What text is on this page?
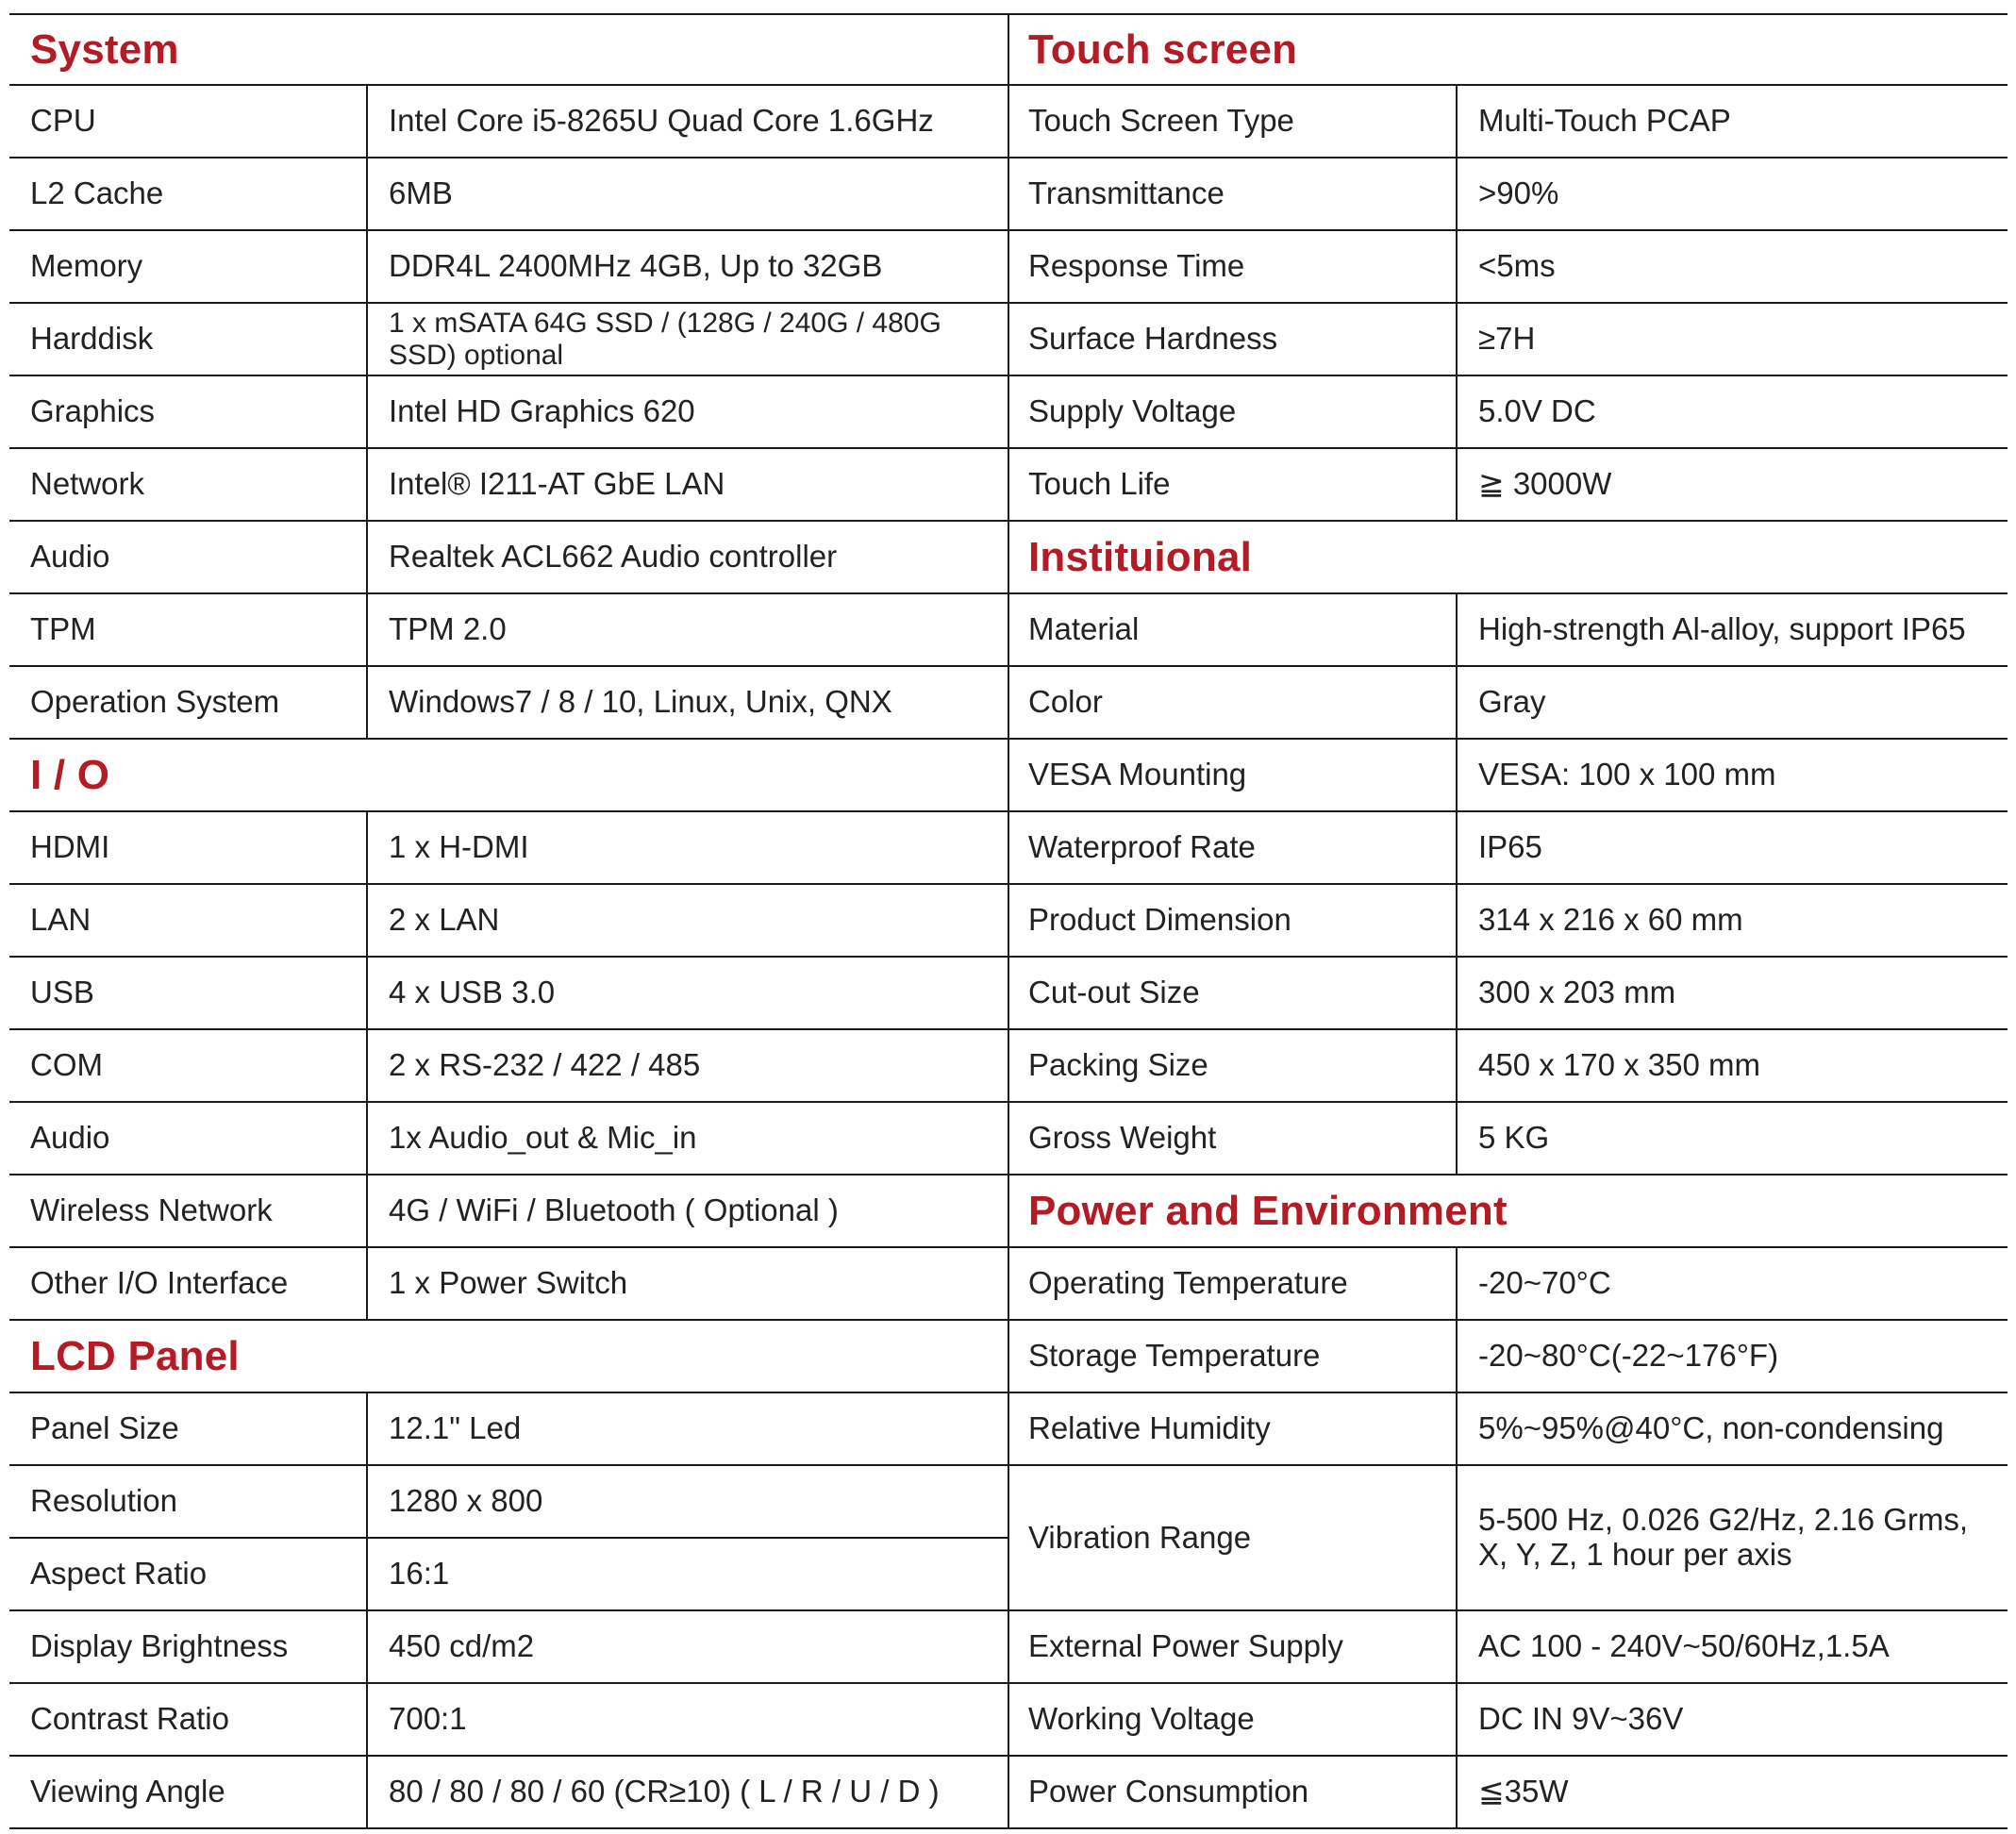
System
CPU	Intel Core i5-8265U Quad Core 1.6GHz
L2 Cache	6MB
Memory	DDR4L 2400MHz 4GB, Up to 32GB
Harddisk	1 x mSATA 64G SSD / (128G / 240G / 480G SSD) optional
Graphics	Intel HD Graphics 620
Network	Intel® I211-AT GbE LAN
Audio	Realtek ACL662 Audio controller
TPM	TPM 2.0
Operation System	Windows7 / 8 / 10, Linux, Unix, QNX
I / O
HDMI	1 x H-DMI
LAN	2 x LAN
USB	4 x USB 3.0
COM	2 x RS-232 / 422 / 485
Audio	1x Audio_out & Mic_in
Wireless Network	4G / WiFi / Bluetooth ( Optional )
Other I/O Interface	1 x Power Switch
LCD Panel
Panel Size	12.1" Led
Resolution	1280 x 800
Aspect Ratio	16:1
Display Brightness	450 cd/m2
Contrast Ratio	700:1
Viewing Angle	80 / 80 / 80 / 60 (CR≥10) ( L / R / U / D )
Touch screen
Touch Screen Type	Multi-Touch PCAP
Transmittance	>90%
Response Time	<5ms
Surface Hardness	≥7H
Supply Voltage	5.0V DC
Touch Life	≧ 3000W
Instituional
Material	High-strength Al-alloy, support IP65
Color	Gray
VESA Mounting	VESA: 100 x 100 mm
Waterproof Rate	IP65
Product Dimension	314 x 216 x 60 mm
Cut-out Size	300 x 203 mm
Packing Size	450 x 170 x 350 mm
Gross Weight	5 KG
Power and Environment
Operating Temperature	-20~70°C
Storage Temperature	-20~80°C(-22~176°F)
Relative Humidity	5%~95%@40°C, non-condensing
Vibration Range	5-500 Hz, 0.026 G2/Hz, 2.16 Grms, X, Y, Z, 1 hour per axis
External Power Supply	AC 100 - 240V~50/60Hz,1.5A
Working Voltage	DC IN 9V~36V
Power Consumption	≦35W
